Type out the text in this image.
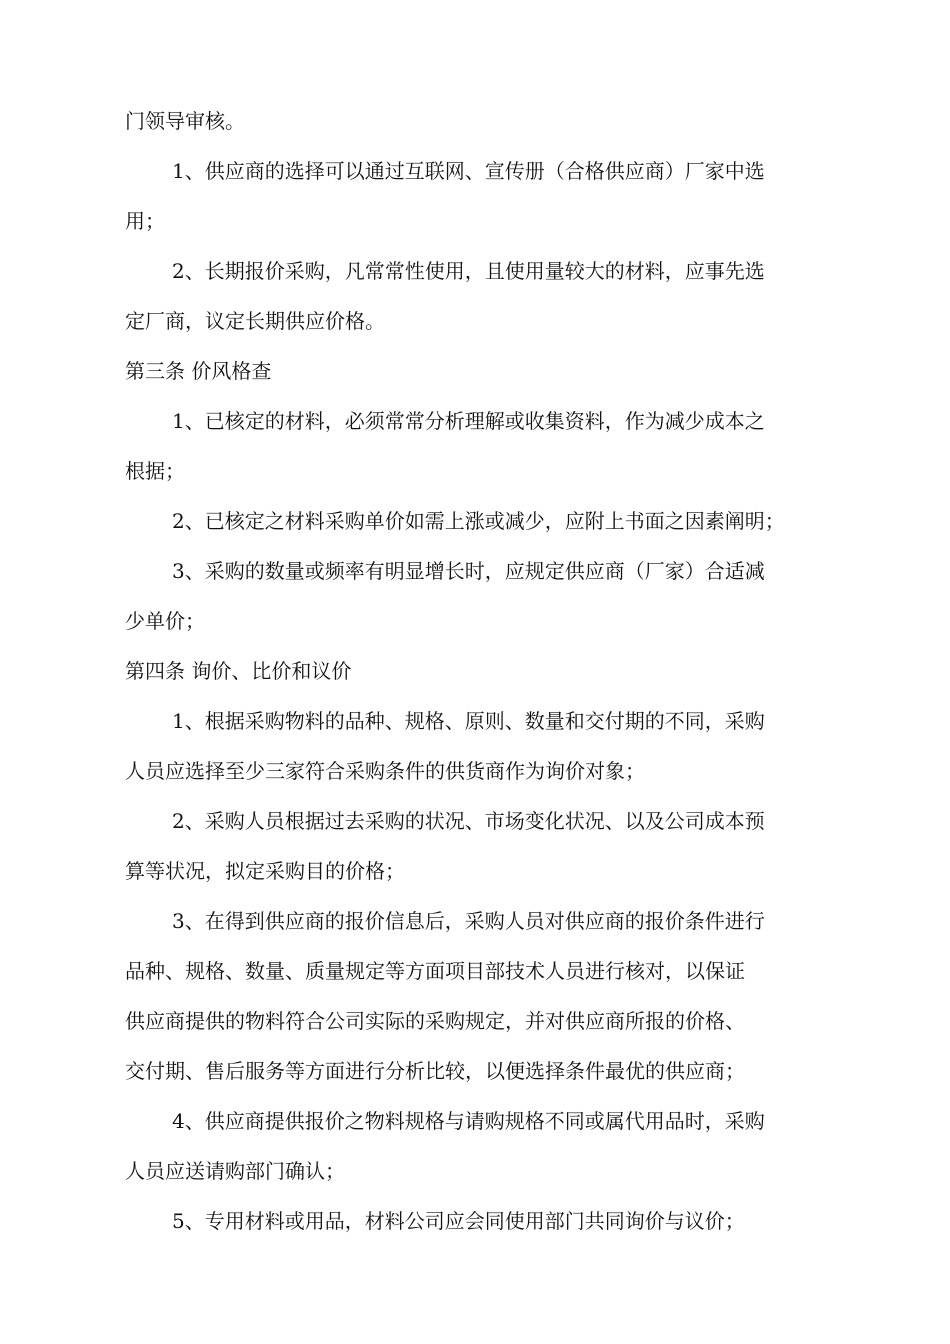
门领导审核。
1、供应商的选择可以通过互联网、宣传册（合格供应商）厂家中选
用；
2、长期报价采购，凡常常性使用，且使用量较大的材料，应事先选
定厂商，议定长期供应价格。
第三条 价风格查
1、已核定的材料，必须常常分析理解或收集资料，作为减少成本之
根据；
2、已核定之材料采购单价如需上涨或减少，应附上书面之因素阐明；
3、采购的数量或频率有明显增长时，应规定供应商（厂家）合适减
少单价；
第四条 询价、比价和议价
1、根据采购物料的品种、规格、原则、数量和交付期的不同，采购
人员应选择至少三家符合采购条件的供货商作为询价对象；
2、采购人员根据过去采购的状况、市场变化状况、以及公司成本预
算等状况，拟定采购目的价格；
3、在得到供应商的报价信息后，采购人员对供应商的报价条件进行
品种、规格、数量、质量规定等方面项目部技术人员进行核对，以保证
供应商提供的物料符合公司实际的采购规定，并对供应商所报的价格、
交付期、售后服务等方面进行分析比较，以便选择条件最优的供应商；
4、供应商提供报价之物料规格与请购规格不同或属代用品时，采购
人员应送请购部门确认；
5、专用材料或用品，材料公司应会同使用部门共同询价与议价；
